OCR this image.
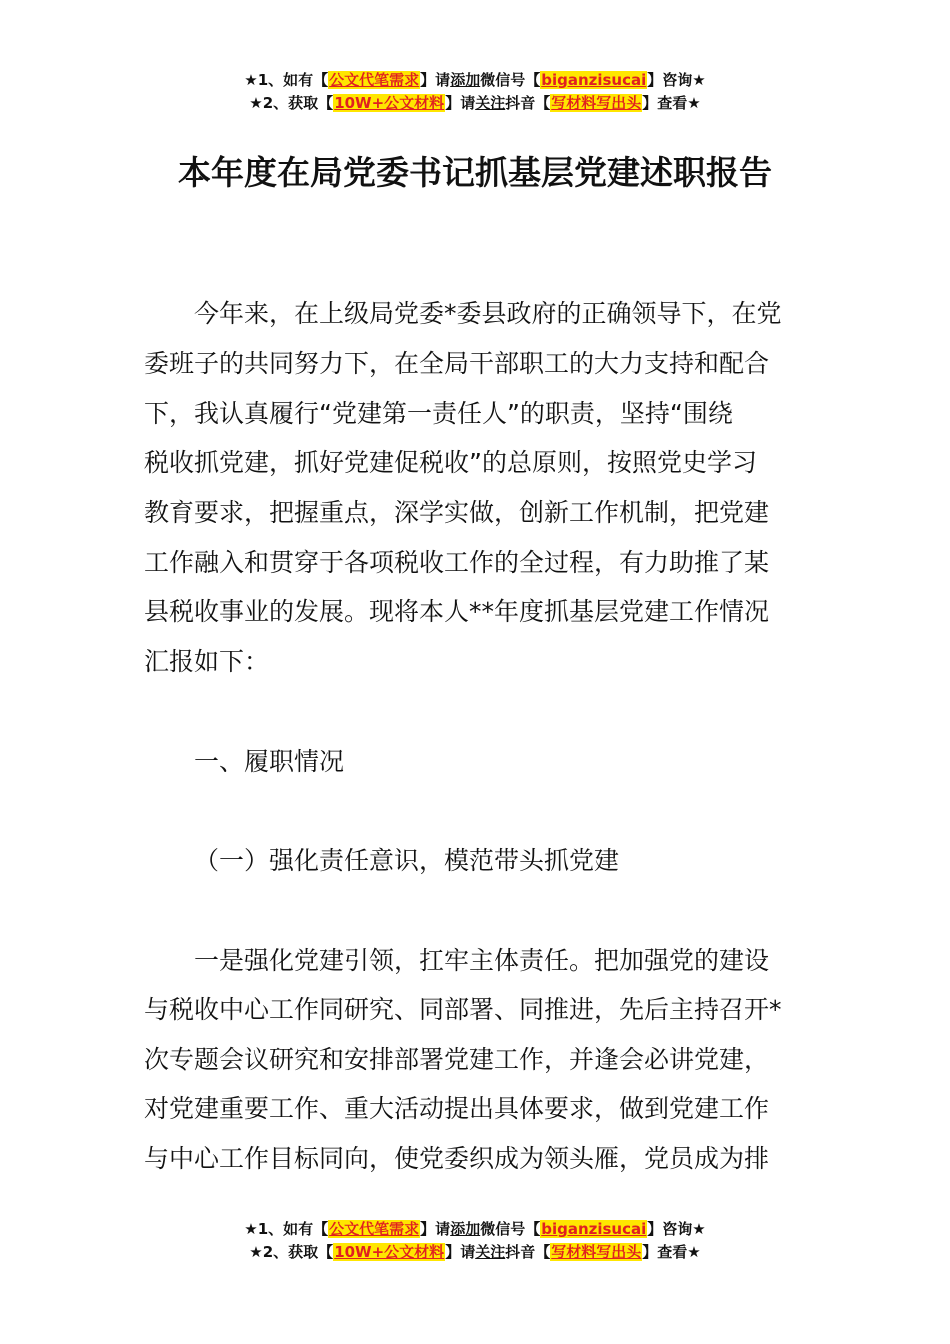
★1、如有【公文代笔需求】请添加微信号【biganzisucai】咨询★
★2、获取【10W+公文材料】请关注抖音【写材料写出头】查看★
本年度在局党委书记抓基层党建述职报告
今年来，在上级局党委*委县政府的正确领导下，在党
委班子的共同努力下，在全局干部职工的大力支持和配合
下，我认真履行“党建第一责任人”的职责，坚持“围绕
税收抓党建，抓好党建促税收”的总原则，按照党史学习
教育要求，把握重点，深学实做，创新工作机制，把党建
工作融入和贯穿于各项税收工作的全过程，有力助推了某
县税收事业的发展。现将本人**年度抓基层党建工作情况
汇报如下：
一、履职情况
（一）强化责任意识，模范带头抓党建
一是强化党建引领，扛牢主体责任。把加强党的建设
与税收中心工作同研究、同部署、同推进，先后主持召开*
次专题会议研究和安排部署党建工作，并逢会必讲党建，
对党建重要工作、重大活动提出具体要求，做到党建工作
与中心工作目标同向，使党委织成为领头雁，党员成为排
★1、如有【公文代笔需求】请添加微信号【biganzisucai】咨询★
★2、获取【10W+公文材料】请关注抖音【写材料写出头】查看★
